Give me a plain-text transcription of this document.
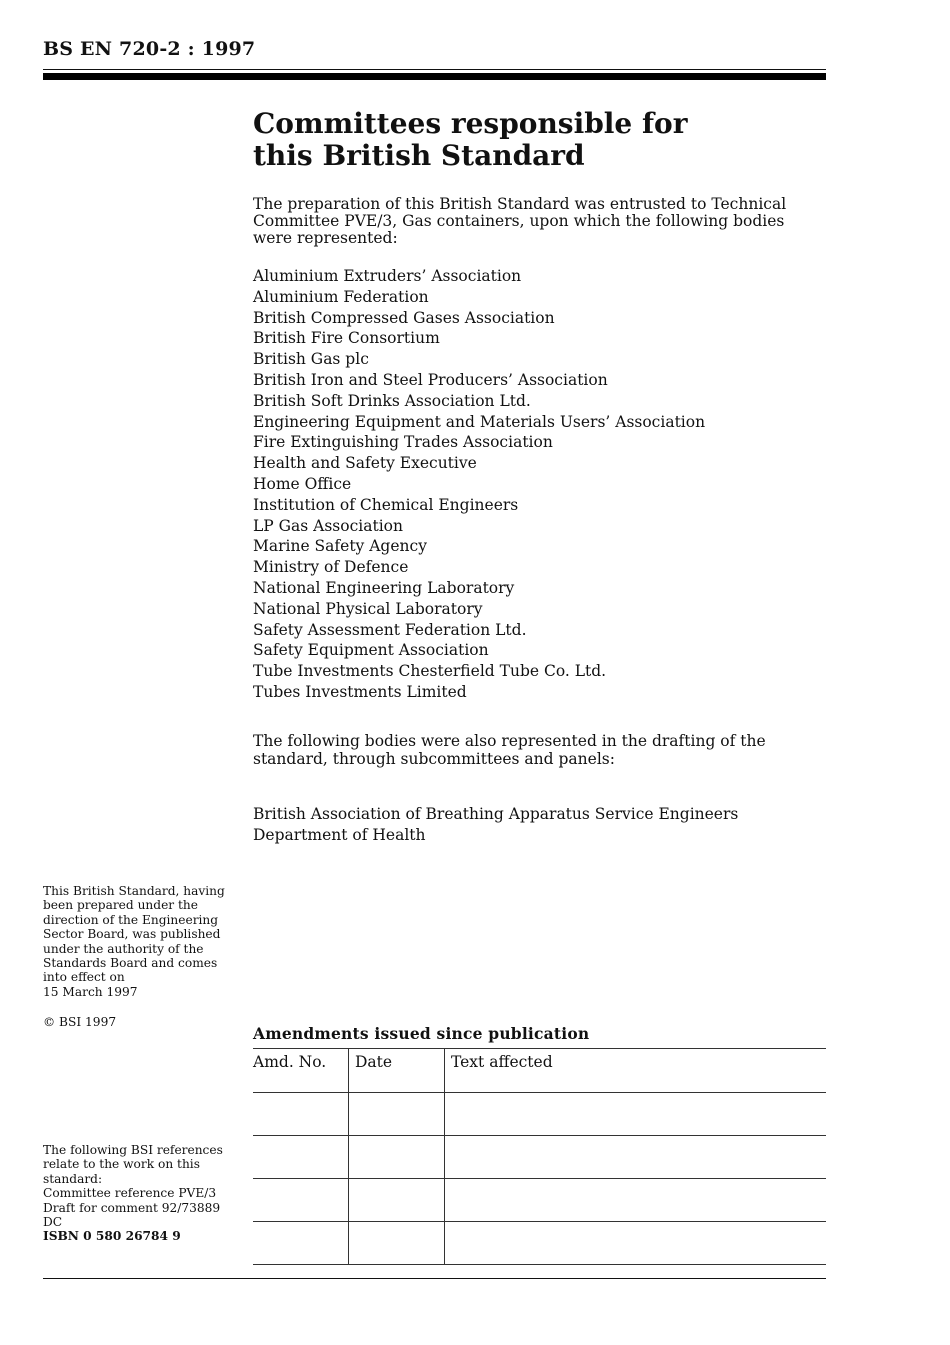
BS EN 720-2 : 1997
Committees responsible for this British Standard

The preparation of this British Standard was entrusted to Technical Committee PVE/3, Gas containers, upon which the following bodies were represented:

Aluminium Extruders’ Association
Aluminium Federation
British Compressed Gases Association
British Fire Consortium
British Gas plc
British Iron and Steel Producers’ Association
British Soft Drinks Association Ltd.
Engineering Equipment and Materials Users’ Association
Fire Extinguishing Trades Association
Health and Safety Executive
Home Office
Institution of Chemical Engineers
LP Gas Association
Marine Safety Agency
Ministry of Defence
National Engineering Laboratory
National Physical Laboratory
Safety Assessment Federation Ltd.
Safety Equipment Association
Tube Investments Chesterfield Tube Co. Ltd.
Tubes Investments Limited

The following bodies were also represented in the drafting of the standard, through subcommittees and panels:

British Association of Breathing Apparatus Service Engineers
Department of Health
This British Standard, having been prepared under the direction of the Engineering Sector Board, was published under the authority of the Standards Board and comes into effect on
15 March 1997
© BSI 1997
The following BSI references relate to the work on this standard:
Committee reference PVE/3
Draft for comment 92/73889 DC
ISBN 0 580 26784 9
Amendments issued since publication
Amd. No.	Date	Text affected
